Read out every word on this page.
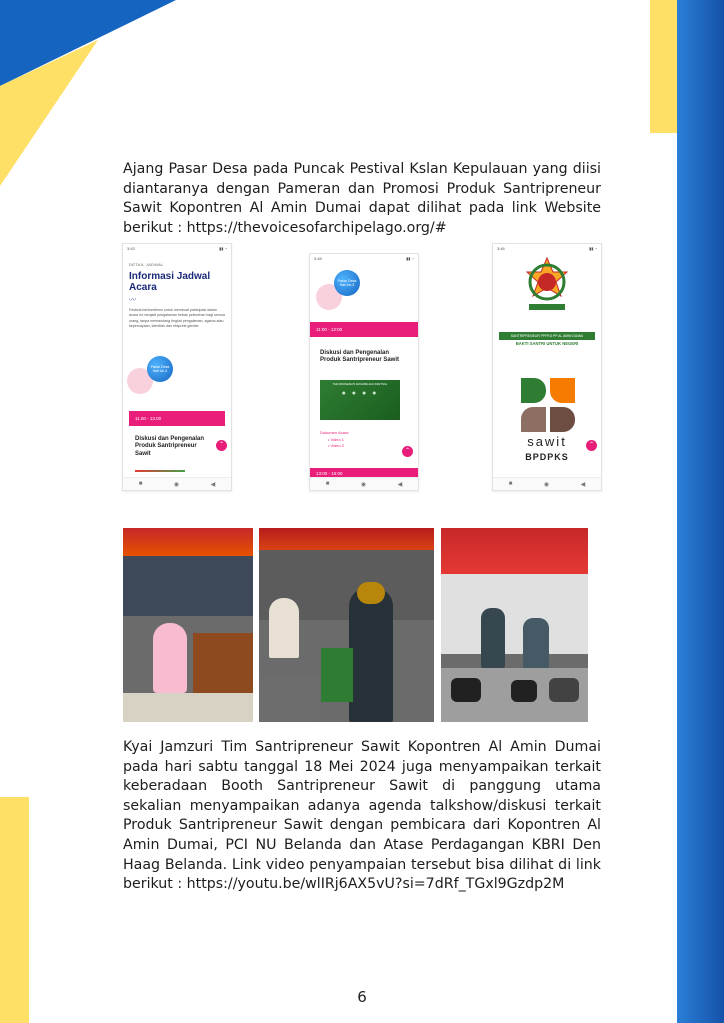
Ajang Pasar Desa pada Puncak Pestival Kslan Kepulauan yang diisi diantaranya dengan Pameran dan Promosi Produk Santripreneur Sawit Kopontren Al Amin Dumai dapat dilihat pada link Website berikut : https://thevoicesofarchipelago.org/#
3:43	▮▮ ◔
DETAIL JADWAL
Informasi Jadwal Acara
〰
Festival berkomitmen untuk membuat partisipasi dalam acara ini menjadi pengalaman bebas pelecehan bagi semua orang, tanpa memandang tingkat pengalaman, agama atau kepercayaan, identitas dan ekspresi gender.
Pasar Desa Hari ke-3
11.00 - 13.00
Diskusi dan Pengenalan Produk Santripreneur Sawit
⌃
■	◉	◀
3:45	▮▮ ◔
Pasar Desa Hari ke-3
11:00 - 13:00
Diskusi dan Pengenalan Produk Santripreneur Sawit
THE INDONESIA'S ARCHIPELAGO FESTIVAL
● ● ● ●
Dokumen Acara
• Video 1
• Video 2
⌃
13:00 - 15:00
■	◉	◀
3:46	▮▮ ◔
SANTRIPRENEUR PPPKS PP AL AMIN DUMAI
BAKTI SANTRI UNTUK NEGERI
sawit
BPDPKS
⌃
■	◉	◀
Kyai Jamzuri Tim Santripreneur Sawit Kopontren Al Amin Dumai pada hari sabtu tanggal 18 Mei 2024 juga menyampaikan terkait keberadaan Booth Santripreneur Sawit di panggung utama sekalian menyampaikan adanya agenda talkshow/diskusi terkait Produk Santripreneur Sawit dengan pembicara dari Kopontren Al Amin Dumai, PCI NU Belanda dan Atase Perdagangan KBRI Den Haag Belanda. Link video penyampaian tersebut bisa dilihat di link berikut : https://youtu.be/wlIRj6AX5vU?si=7dRf_TGxl9Gzdp2M
6
